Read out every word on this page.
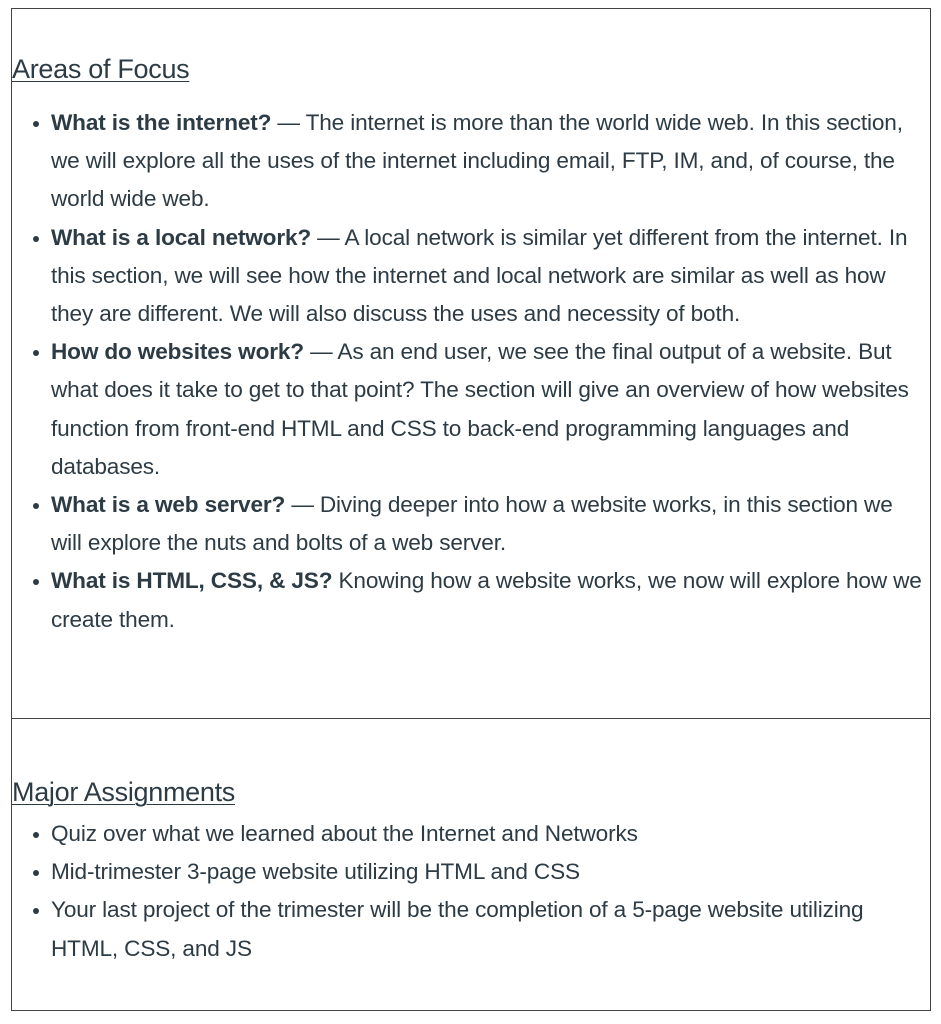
Areas of Focus
Major Assignments
What is the internet? — The internet is more than the world wide web. In this section, we will explore all the uses of the internet including email, FTP, IM, and, of course, the world wide web.
What is a local network? — A local network is similar yet different from the internet. In this section, we will see how the internet and local network are similar as well as how they are different. We will also discuss the uses and necessity of both.
How do websites work? — As an end user, we see the final output of a website. But what does it take to get to that point? The section will give an overview of how websites function from front-end HTML and CSS to back-end programming languages and databases.
What is a web server? — Diving deeper into how a website works, in this section we will explore the nuts and bolts of a web server.
What is HTML, CSS, & JS? Knowing how a website works, we now will explore how we create them.
Quiz over what we learned about the Internet and Networks
Mid-trimester 3-page website utilizing HTML and CSS
Your last project of the trimester will be the completion of a 5-page website utilizing HTML, CSS, and JS
